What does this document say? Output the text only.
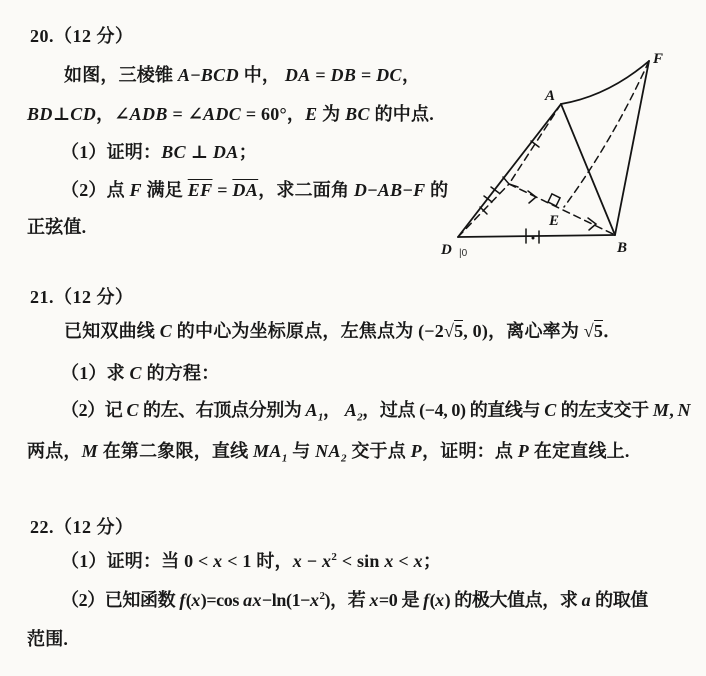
20.（12 分）
如图，三棱锥 A−BCD 中， DA = DB = DC，
BD⊥CD，∠ADB = ∠ADC = 60°，E 为 BC 的中点.
（1）证明：BC ⊥ DA；
（2）点 F 满足 $\overline{EF} = \overline{DA}$，求二面角 D−AB−F 的
正弦值.
A
F
D |0	B
E
21.（12 分）
已知双曲线 C 的中心为坐标原点，左焦点为 (−2√5, 0)，离心率为 √5．
（1）求 C 的方程：
（2）记 C 的左、右顶点分别为 $A_1$， $A_2$，过点 (−4, 0) 的直线与 C 的左支交于 M, N
两点，M 在第二象限，直线 $MA_1$ 与 $NA_2$ 交于点 P，证明：点 P 在定直线上.
22.（12 分）
（1）证明：当 0 < x < 1 时，$x - x^2 < \sin x < x$；
（2）已知函数 f(x)=cos $ax-\ln(1-x^2)$，若 x=0 是 f(x) 的极大值点，求 a 的取值
范围.
